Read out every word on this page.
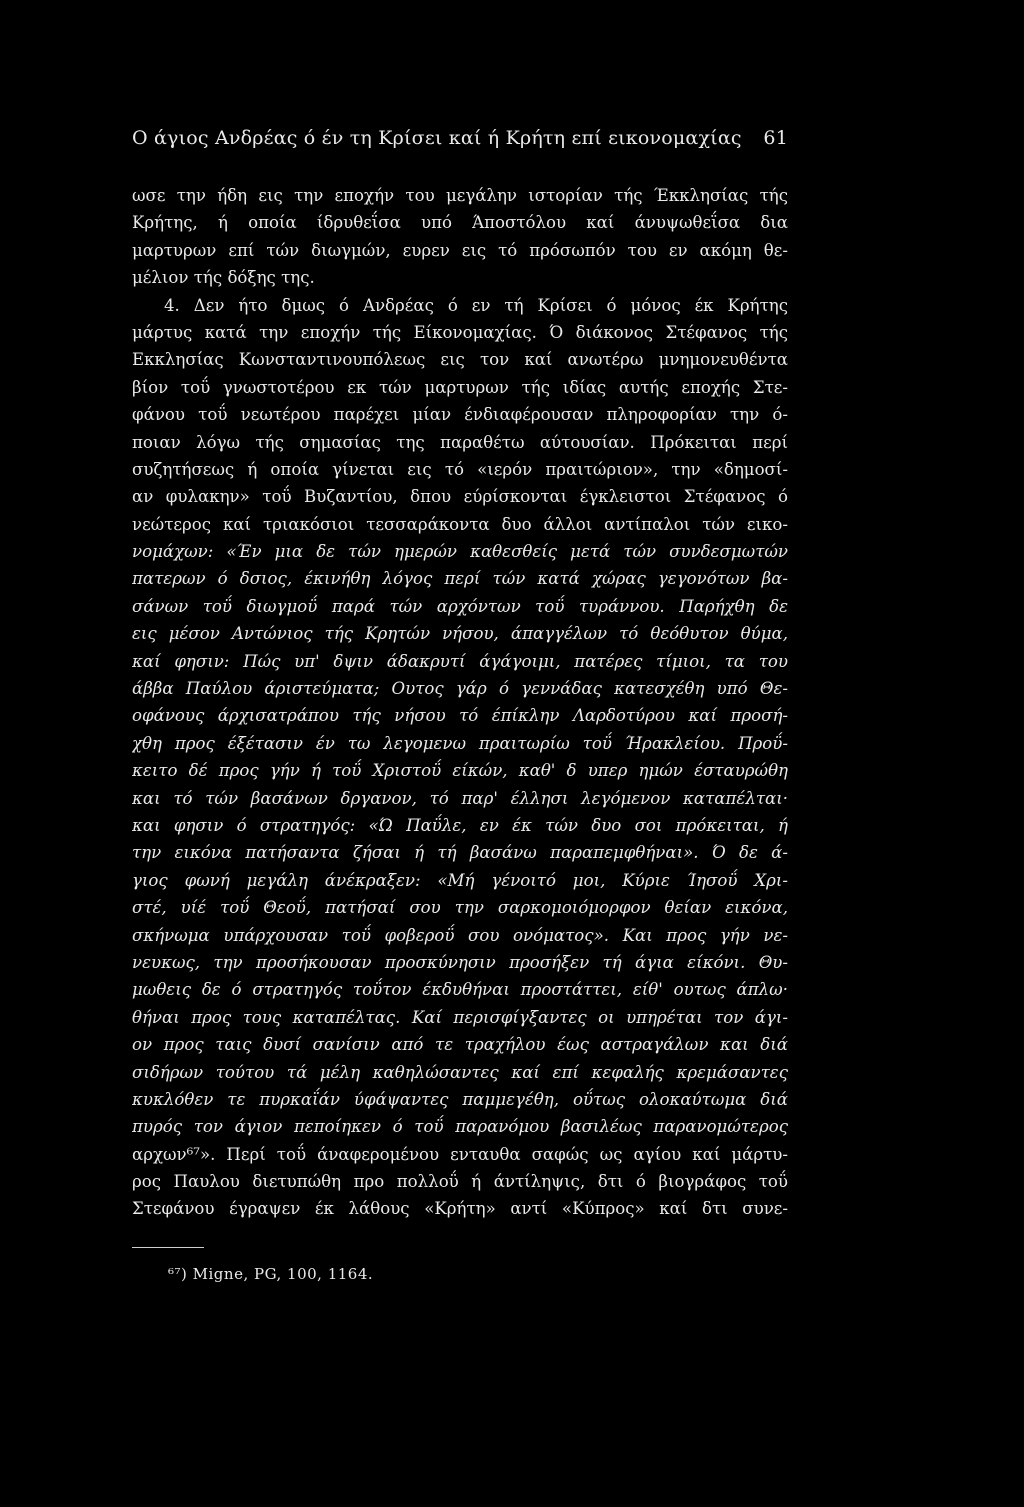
Ο άγιος Ανδρέας ό έν τη Κρίσει καί ή Κρήτη επί εικονομαχίας 61
ωσε την ήδη εις την εποχήν του μεγάλην ιστορίαν τής Έκκλησίας τής
Κρήτης, ή οποία ίδρυθεΐσα υπό Άποστόλου καί άνυψωθεΐσα δια
μαρτυρων επί τών διωγμών, ευρεν εις τό πρόσωπόν του εν ακόμη θε-
μέλιον τής δόξης της.
4. Δεν ήτο δμως ό Ανδρέας ό εν τή Κρίσει ό μόνος έκ Κρήτης
μάρτυς κατά την εποχήν τής Είκονομαχίας. Ό διάκονος Στέφανος τής
Εκκλησίας Κωνσταντινουπόλεως εις τον καί ανωτέρω μνημονευθέντα
βίον τοΰ γνωστοτέρου εκ τών μαρτυρων τής ιδίας αυτής εποχής Στε-
φάνου τοΰ νεωτέρου παρέχει μίαν ένδιαφέρουσαν πληροφορίαν την ό-
ποιαν λόγω τής σημασίας της παραθέτω αύτουσίαν. Πρόκειται περί
συζητήσεως ή οποία γίνεται εις τό «ιερόν πραιτώριον», την «δημοσί-
αν φυλακην» τοΰ Βυζαντίου, δπου εύρίσκονται έγκλειστοι Στέφανος ό
νεώτερος καί τριακόσιοι τεσσαράκοντα δυο άλλοι αντίπαλοι τών εικο-
νομάχων: «Έν μια δε τών ημερών καθεσθείς μετά τών συνδεσμωτών
πατερων ό δσιος, έκινήθη λόγος περί τών κατά χώρας γεγονότων βα-
σάνων τοΰ διωγμοΰ παρά τών αρχόντων τοΰ τυράννου. Παρήχθη δε
εις μέσον Αντώνιος τής Κρητών νήσου, άπαγγέλων τό θεόθυτον θύμα,
καί φησιν: Πώς υπ' δψιν άδακρυτί άγάγοιμι, πατέρες τίμιοι, τα του
άββα Παύλου άριστεύματα; Ουτος γάρ ό γεννάδας κατεσχέθη υπό Θε-
οφάνους άρχισατράπου τής νήσου τό έπίκλην Λαρδοτύρου καί προσή-
χθη προς έξέτασιν έν τω λεγομενω πραιτωρίω τοΰ Ήρακλείου. Προΰ-
κειτο δέ προς γήν ή τοΰ Χριστοΰ είκών, καθ' δ υπερ ημών έσταυρώθη
και τό τών βασάνων δργανον, τό παρ' έλλησι λεγόμενον καταπέλται·
και φησιν ό στρατηγός: «Ώ Παΰλε, εν έκ τών δυο σοι πρόκειται, ή
την εικόνα πατήσαντα ζήσαι ή τή βασάνω παραπεμφθήναι». Ό δε ά-
γιος φωνή μεγάλη άνέκραξεν: «Μή γένοιτό μοι, Κύριε Ίησοΰ Χρι-
στέ, υίέ τοΰ Θεοΰ, πατήσαί σου την σαρκομοιόμορφον θείαν εικόνα,
σκήνωμα υπάρχουσαν τοΰ φοβεροΰ σου ονόματος». Και προς γήν νε-
νευκως, την προσήκουσαν προσκύνησιν προσήξεν τή άγια είκόνι. Θυ-
μωθεις δε ό στρατηγός τοΰτον έκδυθήναι προστάττει, είθ' ουτως άπλω·
θήναι προς τους καταπέλτας. Καί περισφίγξαντες οι υπηρέται τον άγι-
ον προς ταις δυσί σανίσιν από τε τραχήλου έως αστραγάλων και διά
σιδήρων τούτου τά μέλη καθηλώσαντες καί επί κεφαλής κρεμάσαντες
κυκλόθεν τε πυρκαΐάν ύφάψαντες παμμεγέθη, οΰτως ολοκαύτωμα διά
πυρός τον άγιον πεποίηκεν ό τοΰ παρανόμου βασιλέως παρανομώτερος
αρχων⁶⁷». Περί τοΰ άναφερομένου ενταυθα σαφώς ως αγίου καί μάρτυ-
ρος Παυλου διετυπώθη προ πολλοΰ ή άντίληψις, δτι ό βιογράφος τοΰ
Στεφάνου έγραψεν έκ λάθους «Κρήτη» αντί «Κύπρος» καί δτι συνε-
⁶⁷) Migne, PG, 100, 1164.
